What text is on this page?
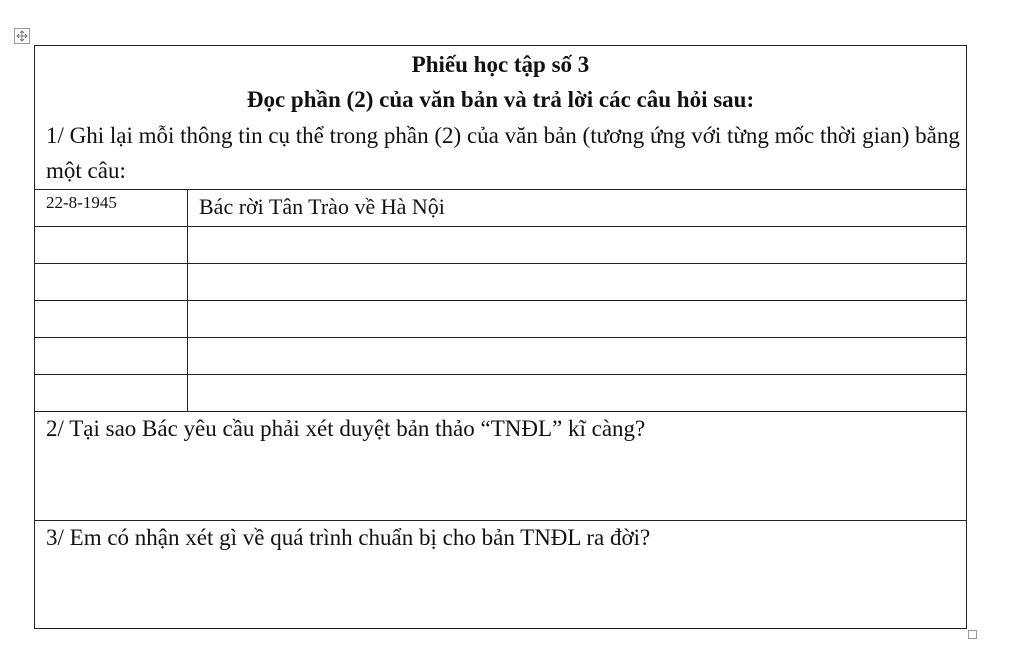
Phiếu học tập số 3
Đọc phần (2) của văn bản và trả lời các câu hỏi sau:
1/ Ghi lại mỗi thông tin cụ thể trong phần (2) của văn bản (tương ứng với từng mốc thời gian) bằng một câu:
22-8-1945	Bác rời Tân Trào về Hà Nội
2/ Tại sao Bác yêu cầu phải xét duyệt bản thảo “TNĐL” kĩ càng?
3/ Em có nhận xét gì về quá trình chuẩn bị cho bản TNĐL ra đời?
